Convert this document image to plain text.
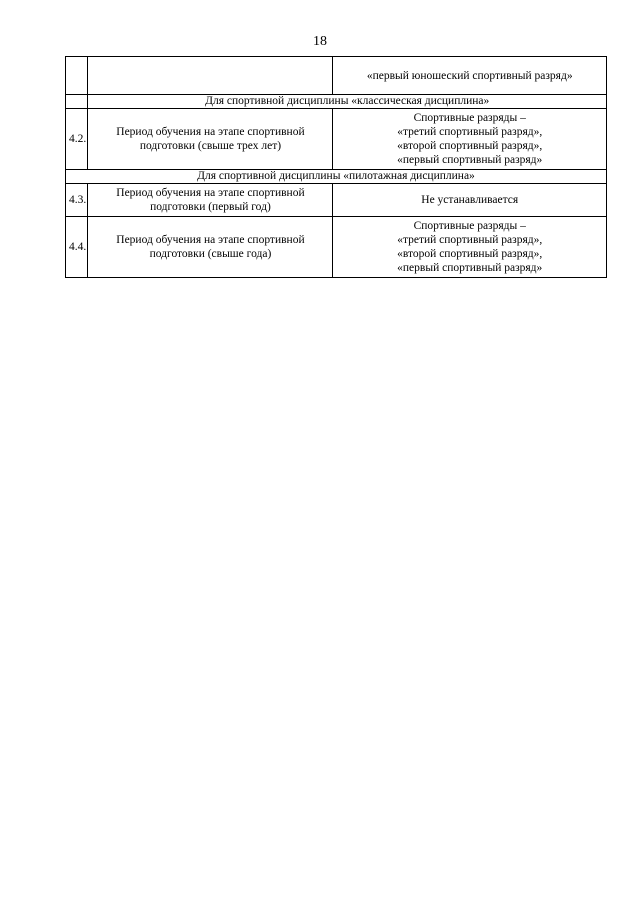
18
		«первый юношеский спортивный разряд»
	Для спортивной дисциплины «классическая дисциплина»	
4.2.	Период обучения на этапе спортивной
подготовки (свыше трех лет)	Спортивные разряды –
«третий спортивный разряд»,
«второй спортивный разряд»,
«первый спортивный разряд»

Для спортивной дисциплины «пилотажная дисциплина»		
4.3.	Период обучения на этапе спортивной
подготовки (первый год)	Не устанавливается

4.4.	Период обучения на этапе спортивной
подготовки (свыше года)	Спортивные разряды –
«третий спортивный разряд»,
«второй спортивный разряд»,
«первый спортивный разряд»
